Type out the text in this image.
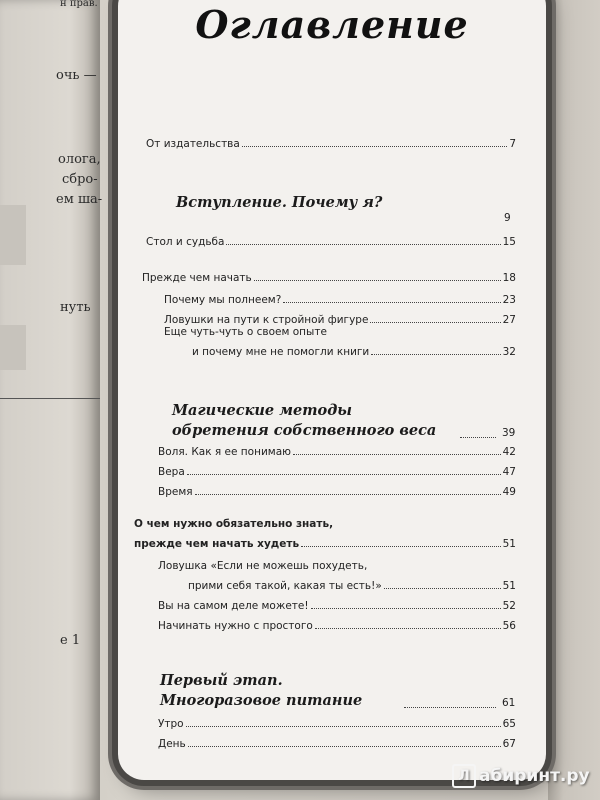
н прав.
очь —
олога,
сбро-
ем ша-
нуть
е 1
Оглавление
От издательства	7
Вступление. Почему я?
9
Стол и судьба	15
Прежде чем начать	18
Почему мы полнеем?	23
Ловушки на пути к стройной фигуре	27
Еще чуть-чуть о своем опыте
и почему мне не помогли книги	32
Магические методы
обретения собственного веса	39
Воля. Как я ее понимаю	42
Вера	47
Время	49
О чем нужно обязательно знать,
прежде чем начать худеть	51
Ловушка «Если не можешь похудеть,
прими себя такой, какая ты есть!»	51
Вы на самом деле можете!	52
Начинать нужно с простого	56
Первый этап.
Многоразовое питание	61
Утро	65
День	67
Л абиринт.ру
